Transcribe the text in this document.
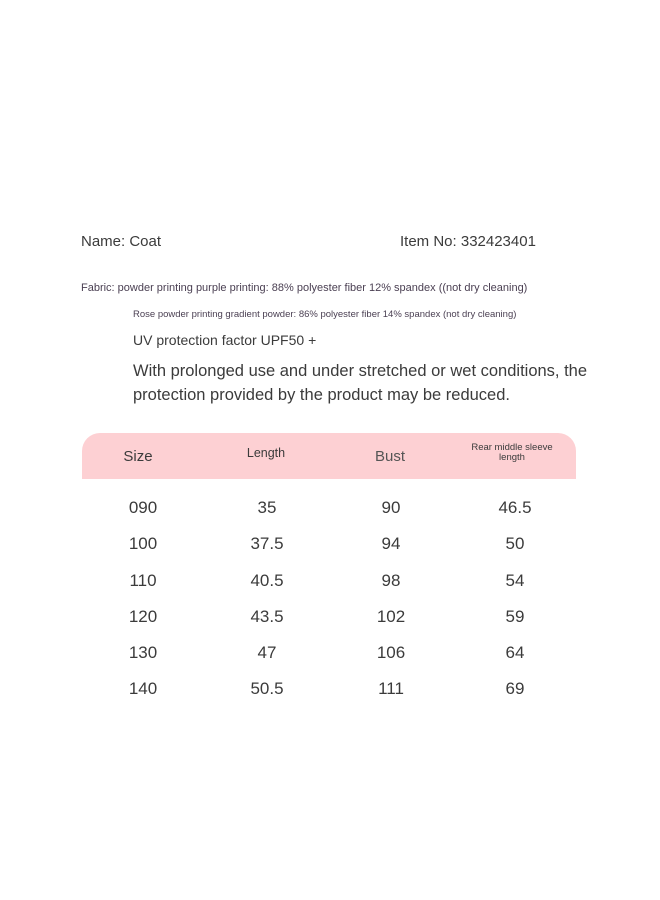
Name: Coat	Item No: 332423401
Fabric: powder printing purple printing: 88% polyester fiber 12% spandex ((not dry cleaning)
Rose powder printing gradient powder: 86% polyester fiber 14% spandex (not dry cleaning)
UV protection factor UPF50 +
With prolonged use and under stretched or wet conditions, the protection provided by the product may be reduced.
Size	Length	Bust	Rear middle sleeve length
090	35	90	46.5
100	37.5	94	50
110	40.5	98	54
120	43.5	102	59
130	47	106	64
140	50.5	111	69
